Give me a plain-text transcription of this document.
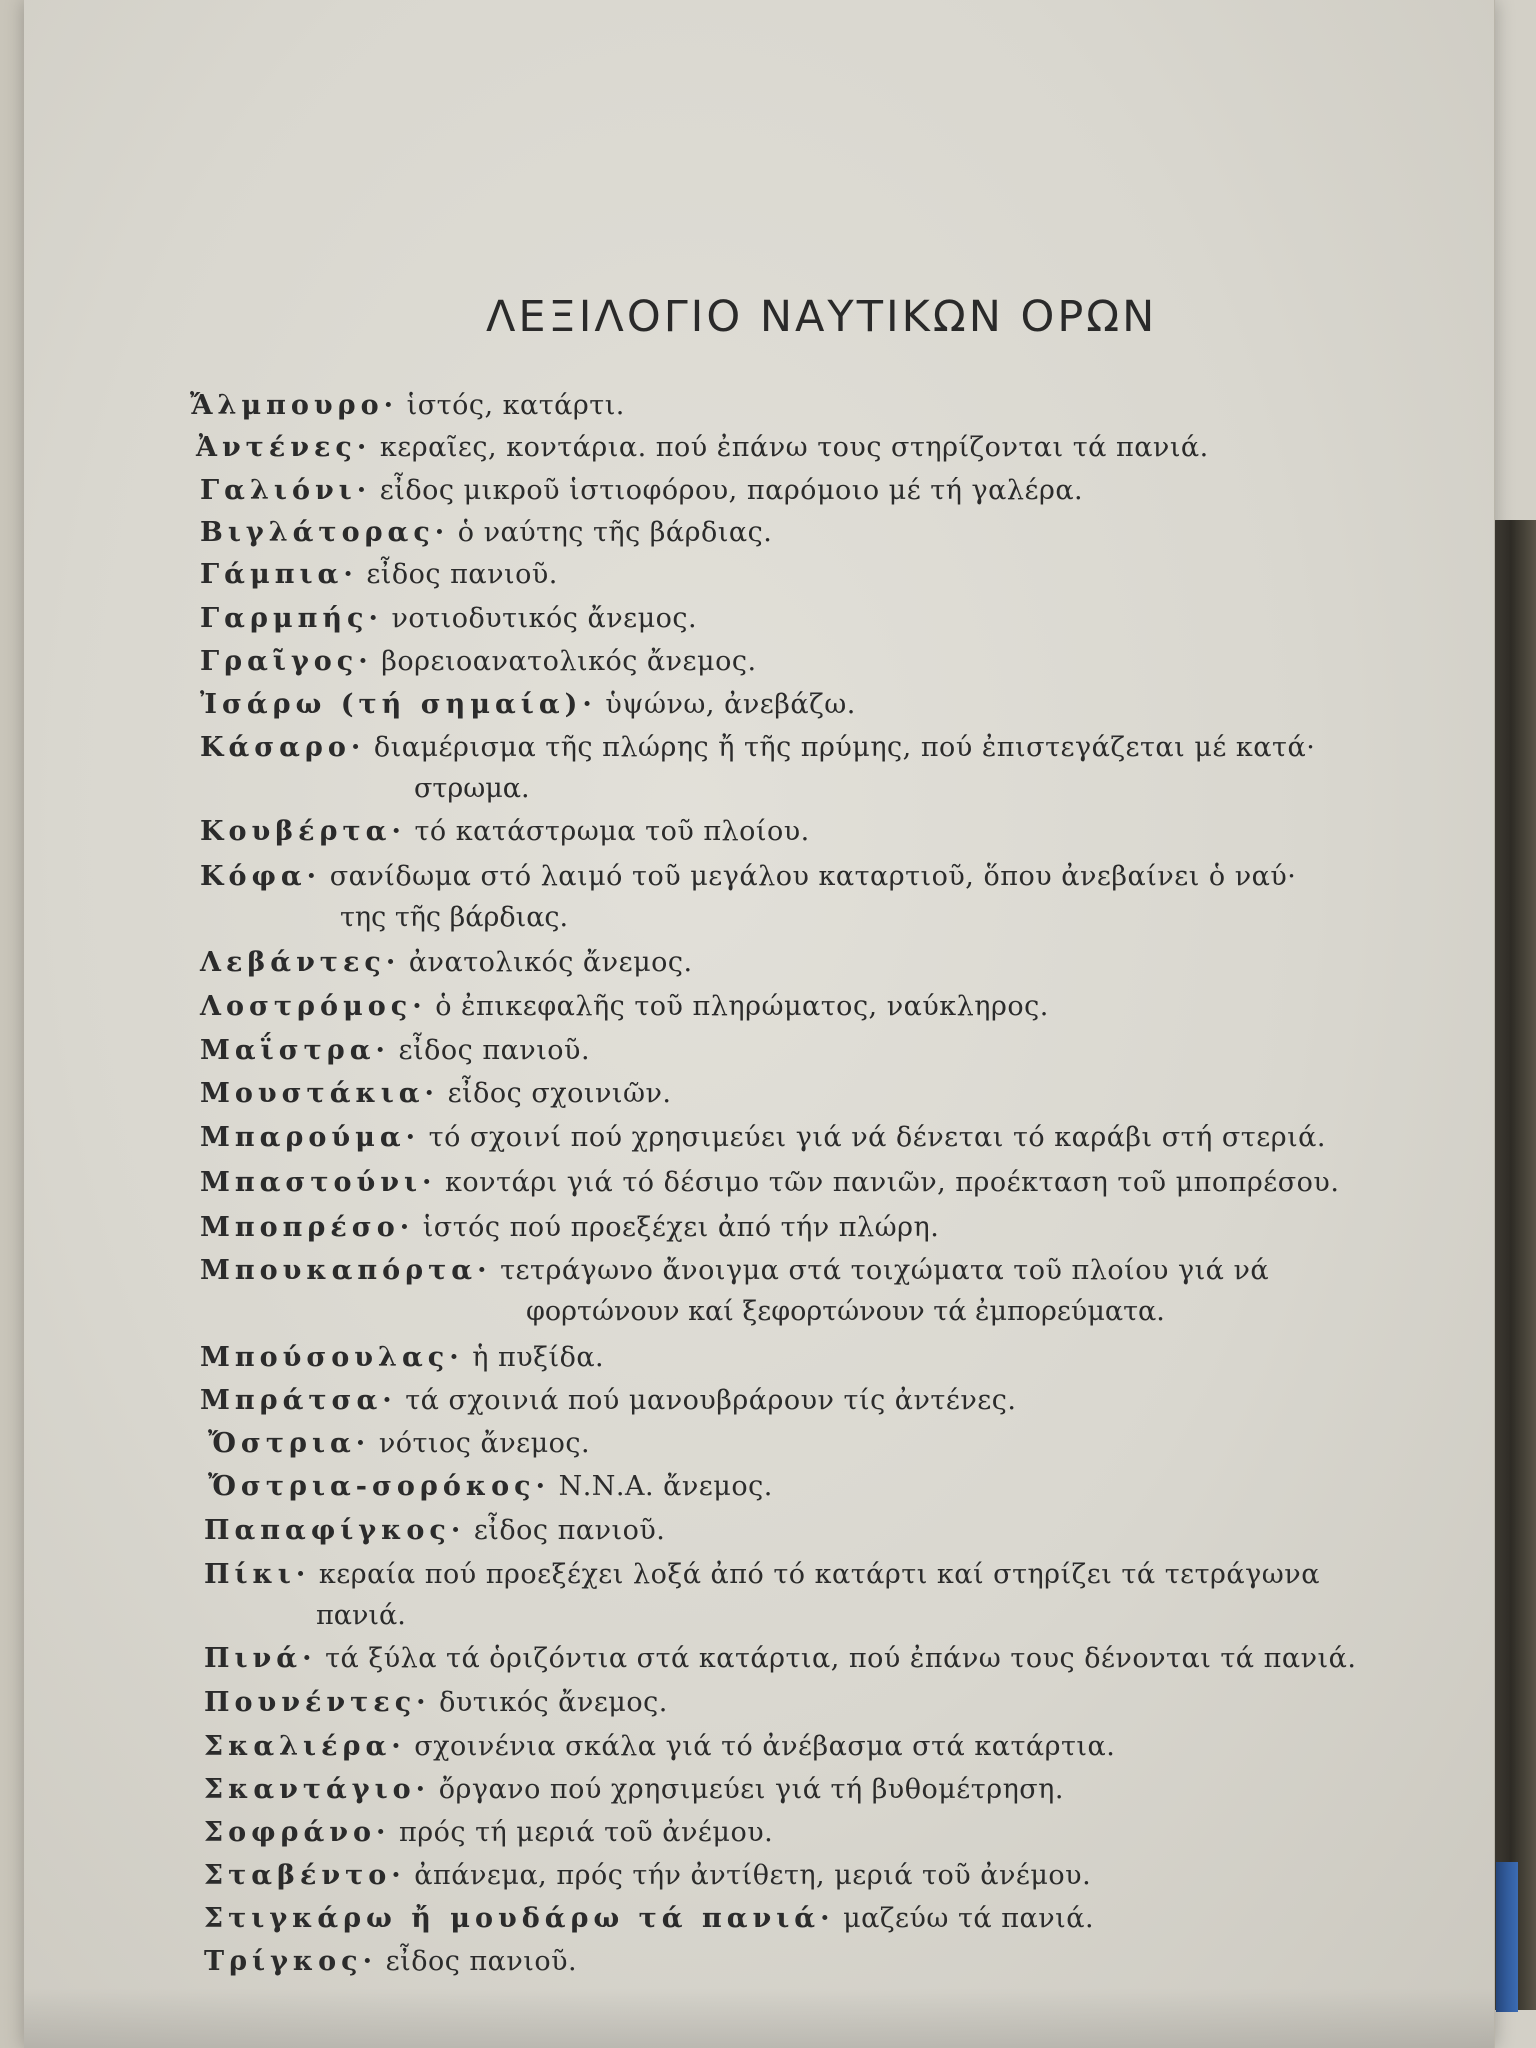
ΛΕΞΙΛΟΓΙΟ ΝΑΥΤΙΚΩΝ ΟΡΩΝ
Ἄλμπουρο· ἱστός, κατάρτι.
Ἀντένες· κεραῖες, κοντάρια. πού ἐπάνω τους στηρίζονται τά πανιά.
Γαλιόνι· εἶδος μικροῦ ἱστιοφόρου, παρόμοιο μέ τή γαλέρα.
Βιγλάτορας· ὁ ναύτης τῆς βάρδιας.
Γάμπια· εἶδος πανιοῦ.
Γαρμπής· νοτιοδυτικός ἄνεμος.
Γραῖγος· βορειοανατολικός ἄνεμος.
Ἰσάρω (τή σημαία)· ὑψώνω, ἀνεβάζω.
Κάσαρο· διαμέρισμα τῆς πλώρης ἤ τῆς πρύμης, πού ἐπιστεγάζεται μέ κατά·
στρωμα.
Κουβέρτα· τό κατάστρωμα τοῦ πλοίου.
Κόφα· σανίδωμα στό λαιμό τοῦ μεγάλου καταρτιοῦ, ὅπου ἀνεβαίνει ὁ ναύ·
της τῆς βάρδιας.
Λεβάντες· ἀνατολικός ἄνεμος.
Λοστρόμος· ὁ ἐπικεφαλῆς τοῦ πληρώματος, ναύκληρος.
Μαΐστρα· εἶδος πανιοῦ.
Μουστάκια· εἶδος σχοινιῶν.
Μπαρούμα· τό σχοινί πού χρησιμεύει γιά νά δένεται τό καράβι στή στεριά.
Μπαστούνι· κοντάρι γιά τό δέσιμο τῶν πανιῶν, προέκταση τοῦ μποπρέσου.
Μποπρέσο· ἱστός πού προεξέχει ἀπό τήν πλώρη.
Μπουκαπόρτα· τετράγωνο ἄνοιγμα στά τοιχώματα τοῦ πλοίου γιά νά
φορτώνουν καί ξεφορτώνουν τά ἐμπορεύματα.
Μπούσουλας· ἡ πυξίδα.
Μπράτσα· τά σχοινιά πού μανουβράρουν τίς ἀντένες.
Ὄστρια· νότιος ἄνεμος.
Ὄστρια-σορόκος· Ν.Ν.Α. ἄνεμος.
Παπαφίγκος· εἶδος πανιοῦ.
Πίκι· κεραία πού προεξέχει λοξά ἀπό τό κατάρτι καί στηρίζει τά τετράγωνα
πανιά.
Πινά· τά ξύλα τά ὁριζόντια στά κατάρτια, πού ἐπάνω τους δένονται τά πανιά.
Πουνέντες· δυτικός ἄνεμος.
Σκαλιέρα· σχοινένια σκάλα γιά τό ἀνέβασμα στά κατάρτια.
Σκαντάγιο· ὄργανο πού χρησιμεύει γιά τή βυθομέτρηση.
Σοφράνο· πρός τή μεριά τοῦ ἀνέμου.
Σταβέντο· ἀπάνεμα, πρός τήν ἀντίθετη, μεριά τοῦ ἀνέμου.
Στιγκάρω ἤ μουδάρω τά πανιά· μαζεύω τά πανιά.
Τρίγκος· εἶδος πανιοῦ.
